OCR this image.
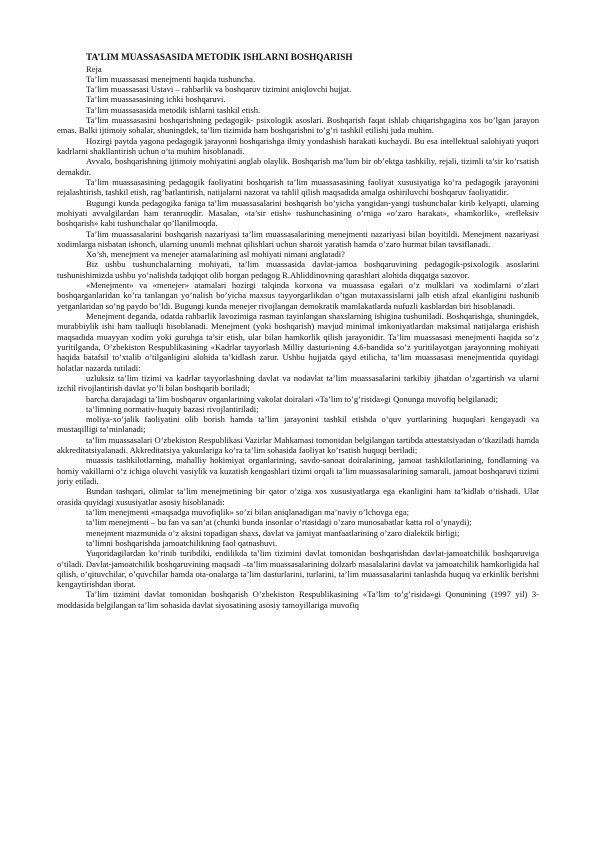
TA’LIM MUASSASASIDA METODIK ISHLARNI BOSHQARISH

Reja
Ta’lim muassasasi menejmenti haqida tushuncha.
Ta’lim muassasasi Ustavi – rahbarlik va boshqaruv tizimini aniqlovchi hujjat.
Ta’lim muassasasining ichki boshqaruvi.
Ta’lim muassasasida metodik ishlarni tashkil etish.

Ta’lim muassasasini boshqarishning pedagogik- psixologik asoslari. Boshqarish faqat ishlab chiqarishgagina xos bo’lgan jarayon emas. Balki ijtimoiy sohalar, shuningdek, ta’lim tizimida ham boshqarishni to’g’ri tashkil etilishi juda muhim.

Hozirgi paytda yagona pedagogik jarayonni boshqarishga ilmiy yondashish harakati kuchaydi. Bu esa intellektual salohiyati yuqori kadrlarni shakllantirish uchun o’ta muhim hisoblanadi.

Avvalo, boshqarishning ijtimoiy mohiyatini anglab olaylik. Boshqarish ma’lum bir ob’ektga tashkiliy, rejali, tizimli ta’sir ko’rsatish demakdir.

Ta’lim muassasasining pedagogik faoliyatini boshqarish ta’lim muassasasining faoliyat xususiyatiga ko’ra pedagogik jarayonini rejalashtirish, tashkil etish, rag’batlantirish, natijalarni nazorat va tahlil qilish maqsadida amalga oshiriluvchi boshqaruv faoliyatidir.

Bugungi kunda pedagogika faniga ta’lim muassasalarini boshqarish bo’yicha yangidan-yangi tushunchalar kirib kelyapti, ularning mohiyati avvalgilardan ham teranroqdir. Masalan, «ta’sir etish» tushunchasining o’rniga «o’zaro harakat», «hamkorlik», «refleksiv boshqarish» kabi tushunchalar qo’llanilmoqda.

Ta’lim muassasalarini boshqarish nazariyasi ta’lim muassasalarining menejmenti nazariyasi bilan boyitildi. Menejment nazariyasi xodimlarga nisbatan ishonch, ularning unumli mehnat qilishlari uchun sharoit yaratish hamda o’zaro hurmat bilan tavsiflanadi.

Xo’sh, menejment va menejer atamalarining asl mohiyati nimani anglatadi?

Biz ushbu tushunchalarning mohiyati, ta’lim muassasida davlat-jamoa boshqaruvining pedagogik-psixologik asoslarini tushunishimizda ushbu yo’nalishda tadqiqot olib borgan pedagog R.Ahliddinovning qarashlari alohida diqqatga sazovor.

«Menejment» va «menejer» atamalari hozirgi talqinda korxona va muassasa egalari o’z mulklari va xodimlarni o’zlari boshqarganlaridan ko’ra tanlangan yo’nalish bo’yicha maxsus tayyorgarlikdan o’tgan mutaxassislarni jalb etish afzal ekanligini tushunib yetganlaridan so’ng paydo bo’ldi. Bugungi kunda menejer rivojlangan demokratik mamlakatlarda nufuzli kasblardan biri hisoblanadi.

Menejment deganda, odatda rahbarlik lavozimiga rasman tayinlangan shaxslarning ishigina tushuniladi. Boshqarishga, shuningdek, murabbiylik ishi ham taalluqli hisoblanadi. Menejment (yoki boshqarish) mavjud minimal imkoniyatlardan maksimal natijalarga erishish maqsadida muayyan xodim yoki guruhga ta’sir etish, ular bilan hamkorlik qilish jarayonidir. Ta’lim muassasasi menejmenti haqida so’z yuritilganda, O’zbekiston Respublikasining «Kadrlar tayyorlash Milliy dasturi»ning 4.6-bandida so’z yuritilayotgan jarayonning mohiyati haqida batafsil to’xtalib o’tilganligini alohida ta’kidlash zarur. Ushbu hujjatda qayd etilicha, ta’lim muassasasi menejmentida quyidagi holatlar nazarda tutiladi:

uzluksiz ta’lim tizimi va kadrlar tayyorlashning davlat va nodavlat ta’lim muassasalarini tarkibiy jihatdan o’zgartirish va ularni izchil rivojlantirish davlat yo’li bilan boshqarib boriladi;

barcha darajadagi ta’lim boshqaruv organlarining vakolat doiralari «Ta’lim to’g’risida»gi Qonunga muvofiq belgilanadi;

ta’limning normativ-huquiy bazasi rivojlantiriladi;

moliya-xo’jalik faoliyatini olib borish hamda ta’lim jarayonini tashkil etishda o’quv yurtlarining huquqlari kengayadi va mustaqilligi ta’minlanadi;

ta’lim muassasalari O’zbekiston Respublikasi Vazirlar Mahkamasi tomonidan belgilangan tartibda attestatsiyadan o’tkaziladi hamda akkreditatsiyalanadi. Akkreditatsiya yakunlariga ko’ra ta’lim sohasida faoliyat ko’rsatish huquqi beriladi;

muassis tashkilotlarning, mahalliy hokimiyat organlarining, savdo-sanoat doiralarining, jamoat tashkilotlarining, fondlarning va homiy vakillarni o’z ichiga oluvchi vasiylik va kuzatish kengashlari tizimi orqali ta’lim muassasalarining samarali, jamoat boshqaruvi tizimi joriy etiladi.

Bundan tashqari, olimlar ta’lim menejmetining bir qator o’ziga xos xususiyatlarga ega ekanligini ham ta’kidlab o’tishadi. Ular orasida quyidagi xususiyatlar asosiy hisoblanadi:

ta’lim menejmenti «maqsadga muvofiqlik» so’zi bilan aniqlanadigan ma’naviy o’lchovga ega;

ta’lim menejmenti – bu fan va san’at (chunki bunda insonlar o’rtasidagi o’zaro munosabatlar katta rol o’ynaydi);

menejment mazmunida o’z aksini topadigan shaxs, davlat va jamiyat manfaatlarining o’zaro dialektik birligi;

ta’limni boshqarishda jamoatchilikning faol qatnashuvi.

Yuqoridagilardan ko’rinib turibdiki, endilikda ta’lim tizimini davlat tomonidan boshqarishdan davlat-jamoatchilik boshqaruviga o’tiladi. Davlat-jamoatchilik boshqaruvining maqsadi –ta’lim muassasalarining dolzarb masalalarini davlat va jamoatchilik hamkorligida hal qilish, o’qituvchilar, o’quvchilar hamda ota-onalarga ta’lim dasturlarini, turlarini, ta’lim muassasalarini tanlashda huquq va erkinlik berishni kengaytirishdan iborat.

Ta’lim tizimini davlat tomonidan boshqarish O’zbekiston Respublikasining «Ta’lim to’g’risida»gi Qonunining (1997 yil) 3-moddasida belgilangan ta’lim sohasida davlat siyosatining asosiy tamoyillariga muvofiq
